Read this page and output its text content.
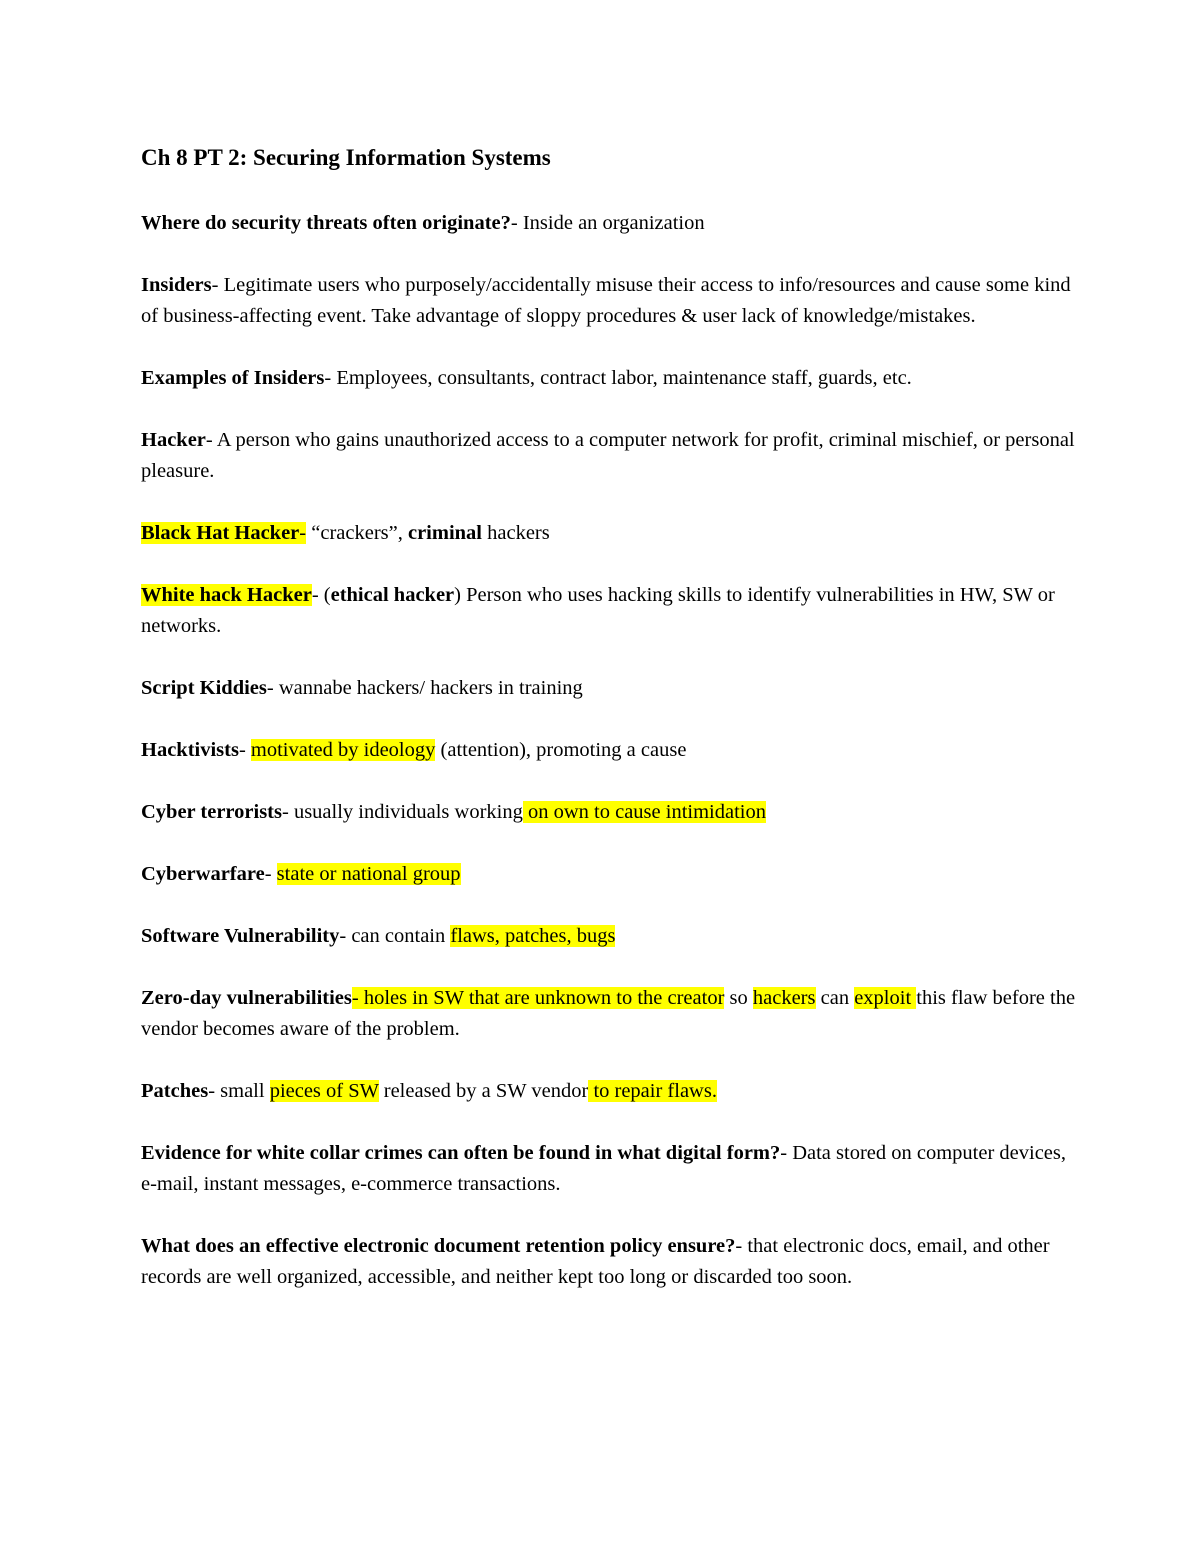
Ch 8 PT 2: Securing Information Systems

Where do security threats often originate?- Inside an organization

Insiders- Legitimate users who purposely/accidentally misuse their access to info/resources and cause some kind of business-affecting event. Take advantage of sloppy procedures & user lack of knowledge/mistakes.

Examples of Insiders- Employees, consultants, contract labor, maintenance staff, guards, etc.

Hacker- A person who gains unauthorized access to a computer network for profit, criminal mischief, or personal pleasure.

Black Hat Hacker- “crackers”, criminal hackers

White hack Hacker- (ethical hacker) Person who uses hacking skills to identify vulnerabilities in HW, SW or networks.

Script Kiddies- wannabe hackers/ hackers in training

Hacktivists- motivated by ideology (attention), promoting a cause

Cyber terrorists- usually individuals working on own to cause intimidation

Cyberwarfare- state or national group

Software Vulnerability- can contain flaws, patches, bugs

Zero-day vulnerabilities- holes in SW that are unknown to the creator so hackers can exploit this flaw before the vendor becomes aware of the problem.

Patches- small pieces of SW released by a SW vendor to repair flaws.

Evidence for white collar crimes can often be found in what digital form?- Data stored on computer devices, e-mail, instant messages, e-commerce transactions.

What does an effective electronic document retention policy ensure?- that electronic docs, email, and other records are well organized, accessible, and neither kept too long or discarded too soon.
